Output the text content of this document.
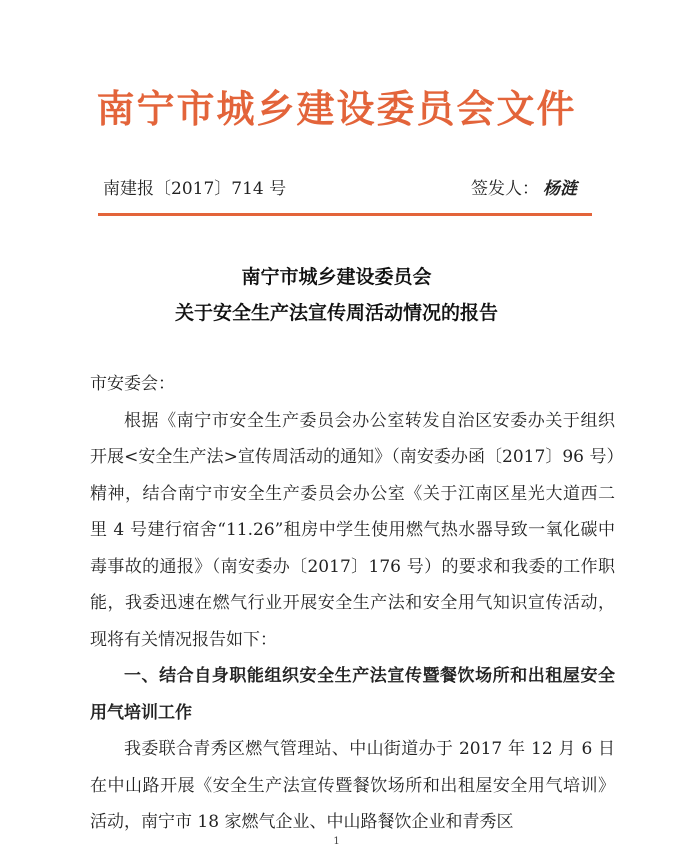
南宁市城乡建设委员会文件
南建报〔2017〕714 号	签发人： 杨涟
南宁市城乡建设委员会
关于安全生产法宣传周活动情况的报告

市安委会：

根据《南宁市安全生产委员会办公室转发自治区安委办关于组织开展<安全生产法>宣传周活动的通知》（南安委办函〔2017〕96 号）精神，结合南宁市安全生产委员会办公室《关于江南区星光大道西二里 4 号建行宿舍“11.26”租房中学生使用燃气热水器导致一氧化碳中毒事故的通报》（南安委办〔2017〕176 号）的要求和我委的工作职能，我委迅速在燃气行业开展安全生产法和安全用气知识宣传活动，现将有关情况报告如下：

一、结合自身职能组织安全生产法宣传暨餐饮场所和出租屋安全用气培训工作

我委联合青秀区燃气管理站、中山街道办于 2017 年 12 月 6 日在中山路开展《安全生产法宣传暨餐饮场所和出租屋安全用气培训》活动，南宁市 18 家燃气企业、中山路餐饮企业和青秀区

1
